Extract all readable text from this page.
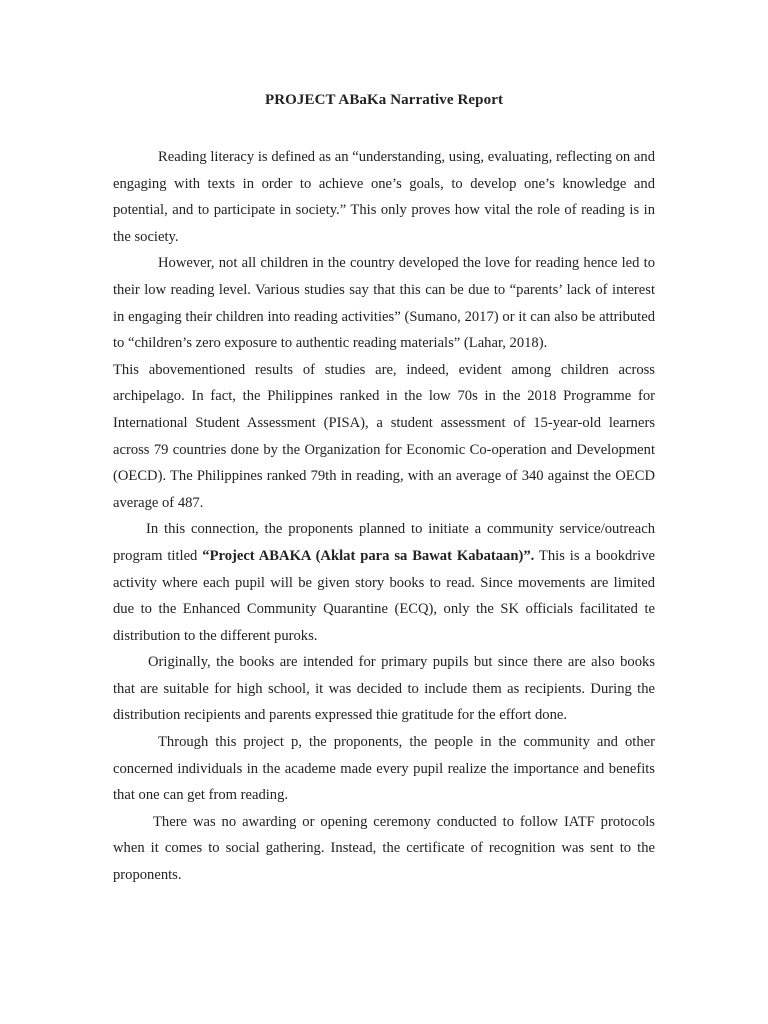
PROJECT ABaKa Narrative Report

Reading literacy is defined as an “understanding, using, evaluating, reflecting on and engaging with texts in order to achieve one’s goals, to develop one’s knowledge and potential, and to participate in society.” This only proves how vital the role of reading is in the society.

However, not all children in the country developed the love for reading hence led to their low reading level. Various studies say that this can be due to “parents’ lack of interest in engaging their children into reading activities” (Sumano, 2017) or it can also be attributed to “children’s zero exposure to authentic reading materials” (Lahar, 2018).

This abovementioned results of studies are, indeed, evident among children across archipelago. In fact, the Philippines ranked in the low 70s in the 2018 Programme for International Student Assessment (PISA), a student assessment of 15-year-old learners across 79 countries done by the Organization for Economic Co-operation and Development (OECD). The Philippines ranked 79th in reading, with an average of 340 against the OECD average of 487.

In this connection, the proponents planned to initiate a community service/outreach program titled “Project ABAKA (Aklat para sa Bawat Kabataan)”. This is a bookdrive activity where each pupil will be given story books to read. Since movements are limited due to the Enhanced Community Quarantine (ECQ), only the SK officials facilitated te distribution to the different puroks.

Originally, the books are intended for primary pupils but since there are also books that are suitable for high school, it was decided to include them as recipients. During the distribution recipients and parents expressed thie gratitude for the effort done.

Through this project p, the proponents, the people in the community and other concerned individuals in the academe made every pupil realize the importance and benefits that one can get from reading.

There was no awarding or opening ceremony conducted to follow IATF protocols when it comes to social gathering. Instead, the certificate of recognition was sent to the proponents.
